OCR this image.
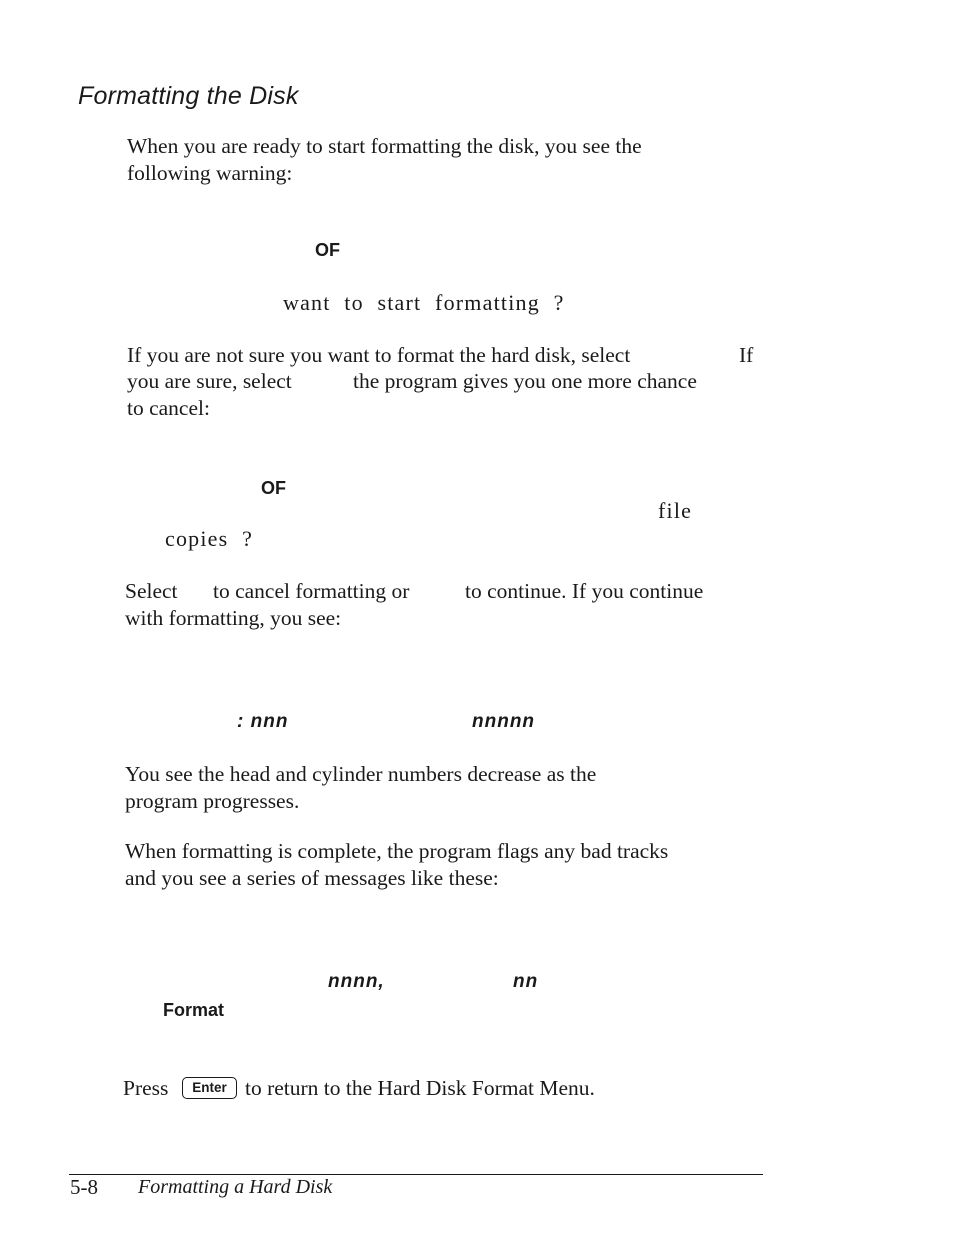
Formatting the Disk
When you are ready to start formatting the disk, you see the
following warning:
OF
want to start formatting ?
If you are not sure you want to format the hard disk, select	If
you are sure, select	the program gives you one more chance
to cancel:
OF
file
copies ?
Select to cancel formatting or	to continue. If you continue
with formatting, you see:
: nnn	nnnnn
You see the head and cylinder numbers decrease as the
program progresses.
When formatting is complete, the program flags any bad tracks
and you see a series of messages like these:
nnnn,	nn
Format
Press	Enter to return to the Hard Disk Format Menu.
5-8 Formatting a Hard Disk
